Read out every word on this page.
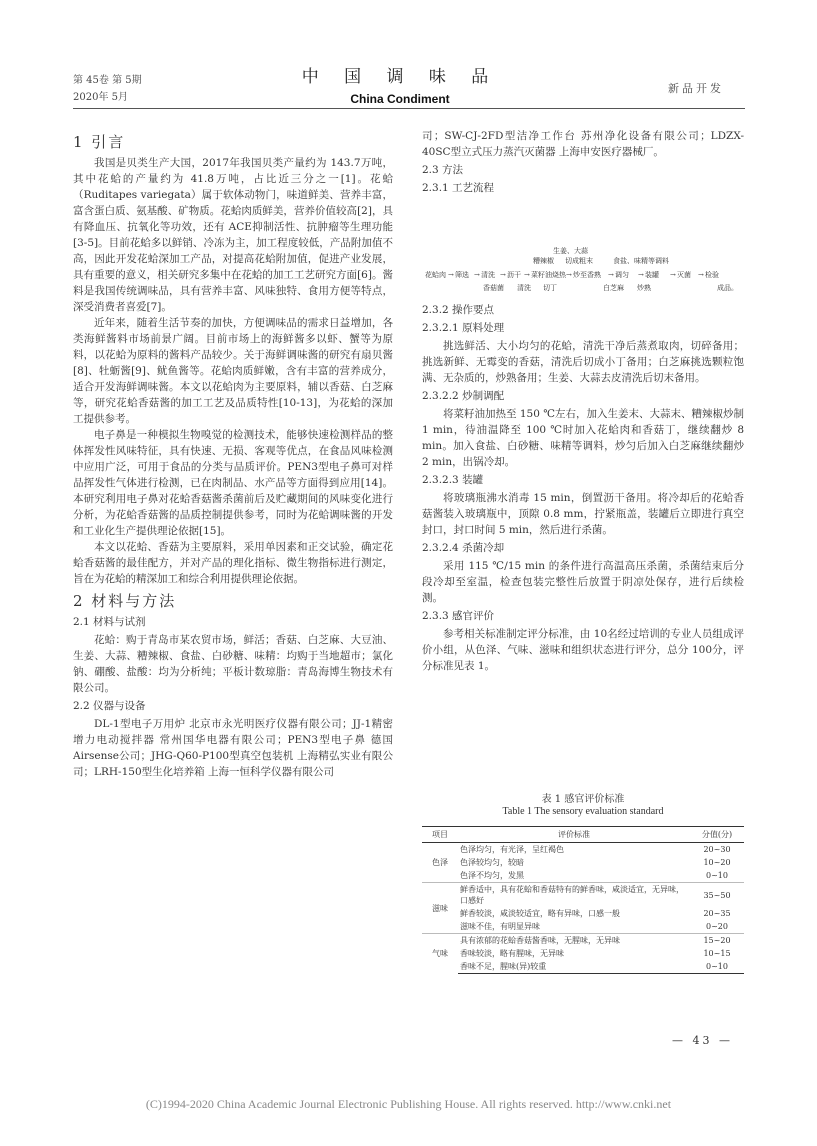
第 45卷 第 5期
2020年 5月
中 国 调 味 品
China Condiment
新品开发

1 引言

我国是贝类生产大国，2017年我国贝类产量约为 143.7万吨，其中花蛤的产量约为 41.8万吨，占比近三分之一[1]。花蛤（Ruditapes variegata）属于软体动物门，味道鲜美、营养丰富，富含蛋白质、氨基酸、矿物质。花蛤肉质鲜美，营养价值较高[2]，具有降血压、抗氧化等功效，还有 ACE抑制活性、抗肿瘤等生理功能[3-5]。目前花蛤多以鲜销、冷冻为主，加工程度较低，产品附加值不高，因此开发花蛤深加工产品，对提高花蛤附加值，促进产业发展，具有重要的意义，相关研究多集中在花蛤的加工工艺研究方面[6]。酱料是我国传统调味品，具有营养丰富、风味独特、食用方便等特点，深受消费者喜爱[7]。

近年来，随着生活节奏的加快，方便调味品的需求日益增加，各类海鲜酱料市场前景广阔。目前市场上的海鲜酱多以虾、蟹等为原料，以花蛤为原料的酱料产品较少。关于海鲜调味酱的研究有扇贝酱[8]、牡蛎酱[9]、鱿鱼酱等。花蛤肉质鲜嫩，含有丰富的营养成分，适合开发海鲜调味酱。本文以花蛤肉为主要原料，辅以香菇、白芝麻等，研究花蛤香菇酱的加工工艺及品质特性[10-13]，为花蛤的深加工提供参考。

电子鼻是一种模拟生物嗅觉的检测技术，能够快速检测样品的整体挥发性风味特征，具有快速、无损、客观等优点，在食品风味检测中应用广泛，可用于食品的分类与品质评价。PEN3型电子鼻可对样品挥发性气体进行检测，已在肉制品、水产品等方面得到应用[14]。本研究利用电子鼻对花蛤香菇酱杀菌前后及贮藏期间的风味变化进行分析，为花蛤香菇酱的品质控制提供参考，同时为花蛤调味酱的开发和工业化生产提供理论依据[15]。

本文以花蛤、香菇为主要原料，采用单因素和正交试验，确定花蛤香菇酱的最佳配方，并对产品的理化指标、微生物指标进行测定，旨在为花蛤的精深加工和综合利用提供理论依据。

2 材料与方法

2.1 材料与试剂

花蛤：购于青岛市某农贸市场，鲜活；香菇、白芝麻、大豆油、生姜、大蒜、糟辣椒、食盐、白砂糖、味精：均购于当地超市；氯化钠、硼酸、盐酸：均为分析纯；平板计数琼脂：青岛海博生物技术有限公司。

2.2 仪器与设备

DL-1型电子万用炉 北京市永光明医疗仪器有限公司；JJ-1精密增力电动搅拌器 常州国华电器有限公司；PEN3型电子鼻 德国 Airsense公司；JHG-Q60-P100型真空包装机 上海精弘实业有限公司；LRH-150型生化培养箱 上海一恒科学仪器有限公司

司；SW-CJ-2FD型洁净工作台 苏州净化设备有限公司；LDZX-40SC型立式压力蒸汽灭菌器 上海申安医疗器械厂。

2.3 方法

2.3.1 工艺流程

生姜、大蒜
糟辣椒 切成粗末	食盐、味精等调料
花蛤肉 → 筛选 → 清洗 → 沥干 → 菜籽油烧热 → 炒至香熟 → 调匀 → 装罐 → 灭菌 → 检验
香菇菌 清洗 切丁	白芝麻 炒熟	成品。

2.3.2 操作要点

2.3.2.1 原料处理

挑选鲜活、大小均匀的花蛤，清洗干净后蒸煮取肉，切碎备用；挑选新鲜、无霉变的香菇，清洗后切成小丁备用；白芝麻挑选颗粒饱满、无杂质的，炒熟备用；生姜、大蒜去皮清洗后切末备用。

2.3.2.2 炒制调配

将菜籽油加热至 150 ℃左右，加入生姜末、大蒜末、糟辣椒炒制 1 min，待油温降至 100 ℃时加入花蛤肉和香菇丁，继续翻炒 8 min。加入食盐、白砂糖、味精等调料，炒匀后加入白芝麻继续翻炒 2 min，出锅冷却。

2.3.2.3 装罐

将玻璃瓶沸水消毒 15 min，倒置沥干备用。将冷却后的花蛤香菇酱装入玻璃瓶中，顶隙 0.8 mm，拧紧瓶盖，装罐后立即进行真空封口，封口时间 5 min，然后进行杀菌。

2.3.2.4 杀菌冷却

采用 115 ℃/15 min 的条件进行高温高压杀菌，杀菌结束后分段冷却至室温，检查包装完整性后放置于阴凉处保存，进行后续检测。

2.3.3 感官评价

参考相关标准制定评分标准，由 10名经过培训的专业人员组成评价小组，从色泽、气味、滋味和组织状态进行评分，总分 100分，评分标准见表 1。

表 1 感官评价标准
Table 1 The sensory evaluation standard
项目	评价标准	分值(分)
色泽	色泽均匀，有光泽，呈红褐色	20~30
	色泽较均匀，较暗	10~20
	色泽不均匀，发黑	0~10
滋味	鲜香适中，具有花蛤和香菇特有的鲜香味，咸淡适宜，无异味，口感好	35~50
	鲜香较淡，咸淡较适宜，略有异味，口感一般	20~35
	滋味不佳，有明显异味	0~20
气味	具有浓郁的花蛤香菇酱香味，无腥味，无异味	15~20
	香味较淡，略有腥味，无异味	10~15
	香味不足，腥味(异)较重	0~10
— 43 —
(C)1994-2020 China Academic Journal Electronic Publishing House. All rights reserved. http://www.cnki.net
